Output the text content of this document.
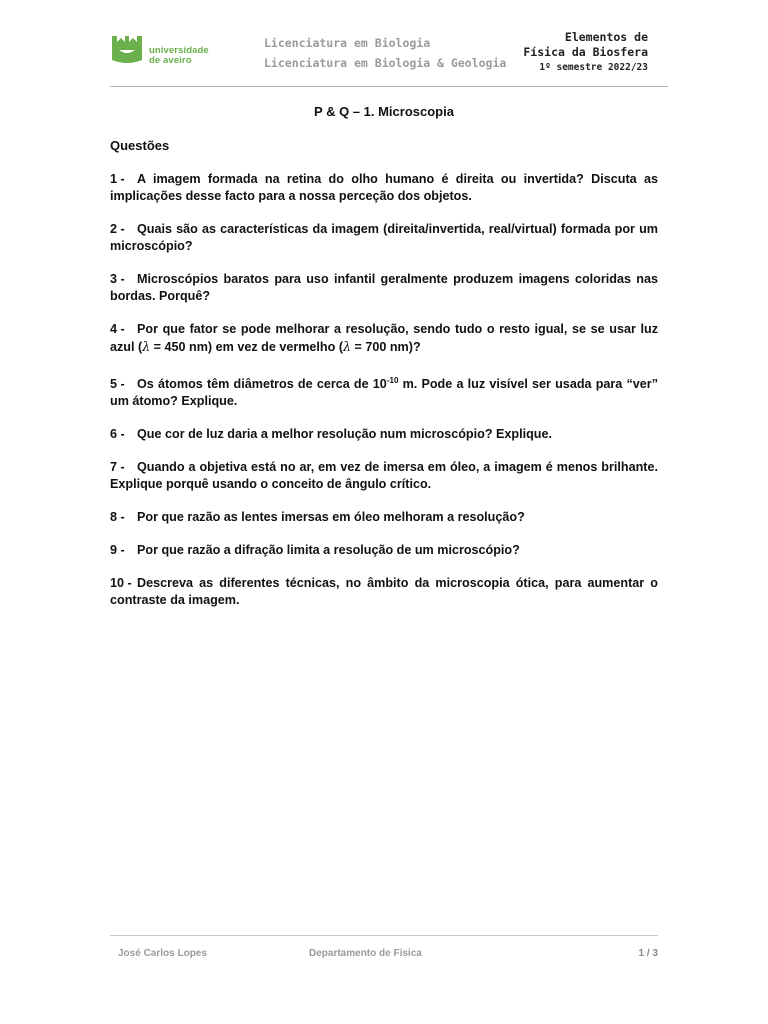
universidade
de aveiro
Licenciatura em Biologia
Licenciatura em Biologia & Geologia
Elementos de
Física da Biosfera
1º semestre 2022/23
P & Q – 1. Microscopia
Questões
1 - A imagem formada na retina do olho humano é direita ou invertida? Discuta as implicações desse facto para a nossa perceção dos objetos.
2 - Quais são as características da imagem (direita/invertida, real/virtual) formada por um microscópio?
3 - Microscópios baratos para uso infantil geralmente produzem imagens coloridas nas bordas. Porquê?
4 - Por que fator se pode melhorar a resolução, sendo tudo o resto igual, se se usar luz azul (λ = 450 nm) em vez de vermelho (λ = 700 nm)?
5 - Os átomos têm diâmetros de cerca de $10^{-10}$ m. Pode a luz visível ser usada para “ver” um átomo? Explique.
6 - Que cor de luz daria a melhor resolução num microscópio? Explique.
7 - Quando a objetiva está no ar, em vez de imersa em óleo, a imagem é menos brilhante. Explique porquê usando o conceito de ângulo crítico.
8 - Por que razão as lentes imersas em óleo melhoram a resolução?
9 - Por que razão a difração limita a resolução de um microscópio?
10 - Descreva as diferentes técnicas, no âmbito da microscopia ótica, para aumentar o contraste da imagem.
José Carlos Lopes	Departamento de Física	1 / 3
